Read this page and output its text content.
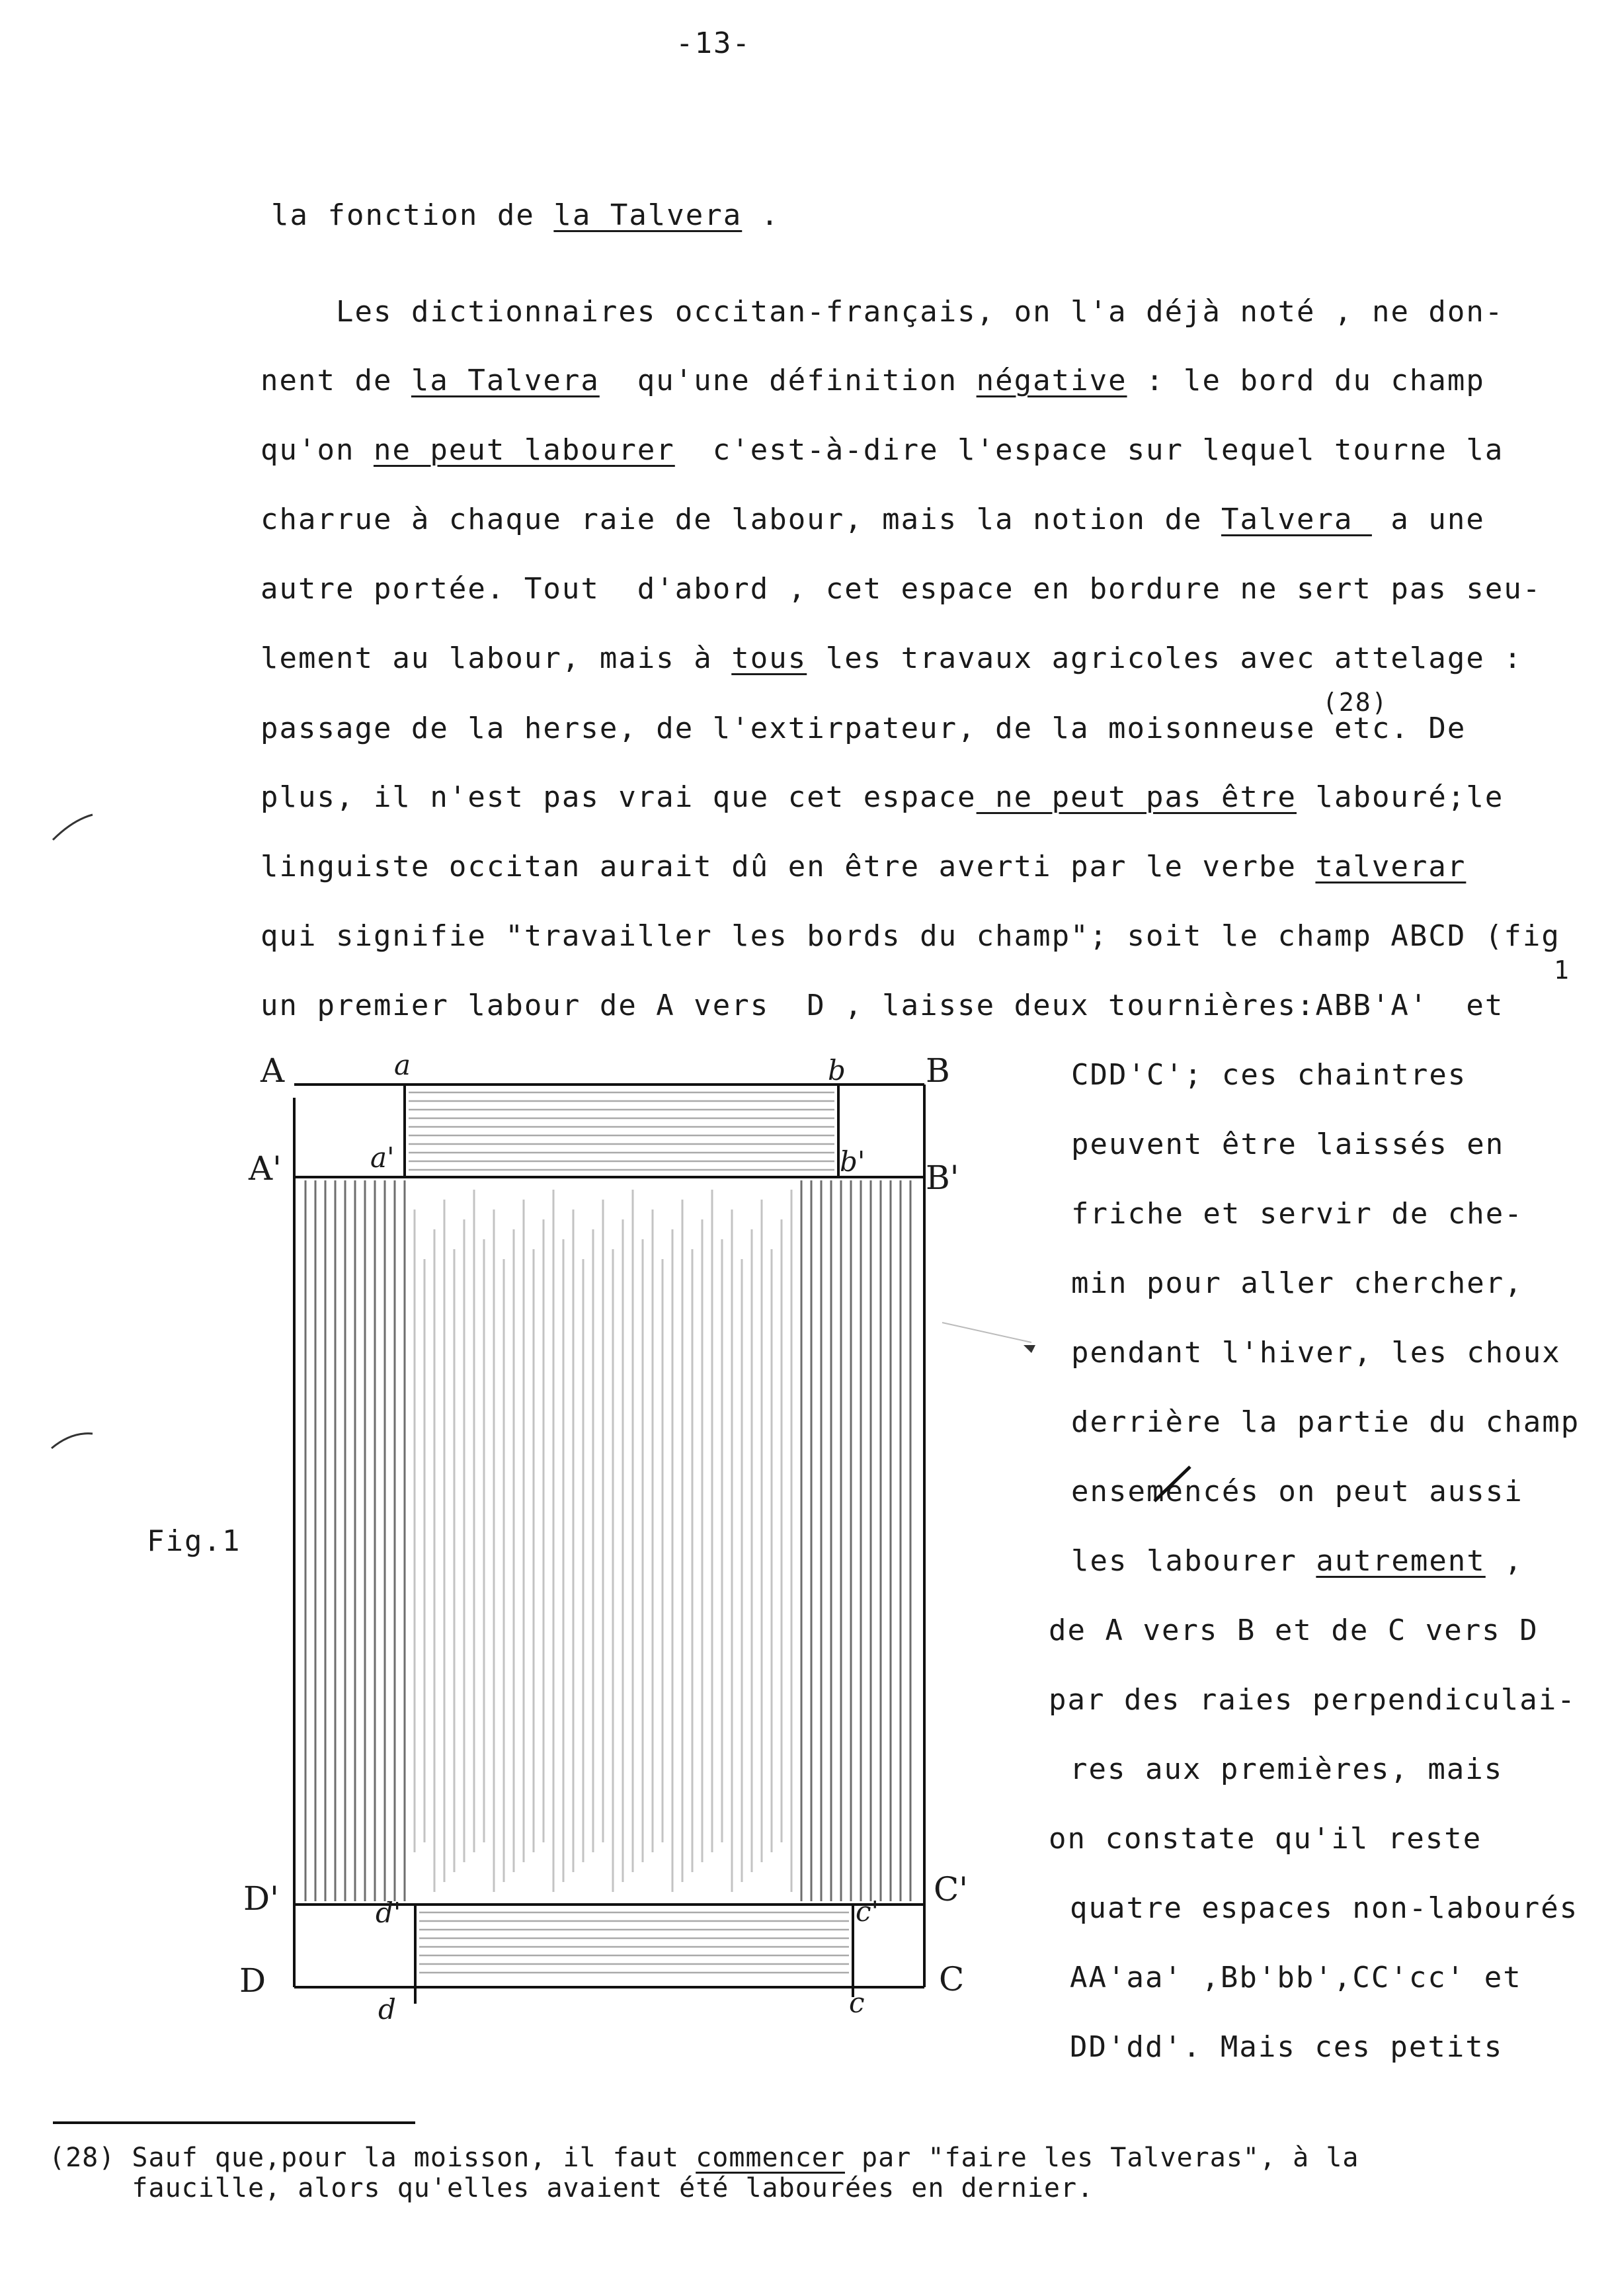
-13-
la fonction de la Talvera .
Les dictionnaires occitan-français, on l'a déjà noté , ne don-
nent de la Talvera  qu'une définition négative : le bord du champ
qu'on ne peut labourer  c'est-à-dire l'espace sur lequel tourne la
charrue à chaque raie de labour, mais la notion de Talvera  a une
autre portée. Tout  d'abord , cet espace en bordure ne sert pas seu-
lement au labour, mais à tous les travaux agricoles avec attelage :
(28)
passage de la herse, de l'extirpateur, de la moisonneuse etc. De
plus, il n'est pas vrai que cet espace ne peut pas être labouré;le
linguiste occitan aurait dû en être averti par le verbe talverar
qui signifie "travailler les bords du champ"; soit le champ ABCD (fig
1
un premier labour de A vers  D , laisse deux tournières:ABB'A'  et
CDD'C'; ces chaintres
peuvent être laissés en
friche et servir de che-
min pour aller chercher,
pendant l'hiver, les choux
derrière la partie du champ
ensemencés on peut aussi
les labourer autrement ,
de A vers B et de C vers D
par des raies perpendiculai-
res aux premières, mais
on constate qu'il reste
quatre espaces non-labourés
AA'aa' ,Bb'bb',CC'cc' et
DD'dd'. Mais ces petits
Fig.1
A	a	b B
A'	a'	b' B'
D'	d'	c'
C'
D
d	c
C
(28) Sauf que,pour la moisson, il faut commencer par "faire les Talveras", à la
faucille, alors qu'elles avaient été labourées en dernier.
